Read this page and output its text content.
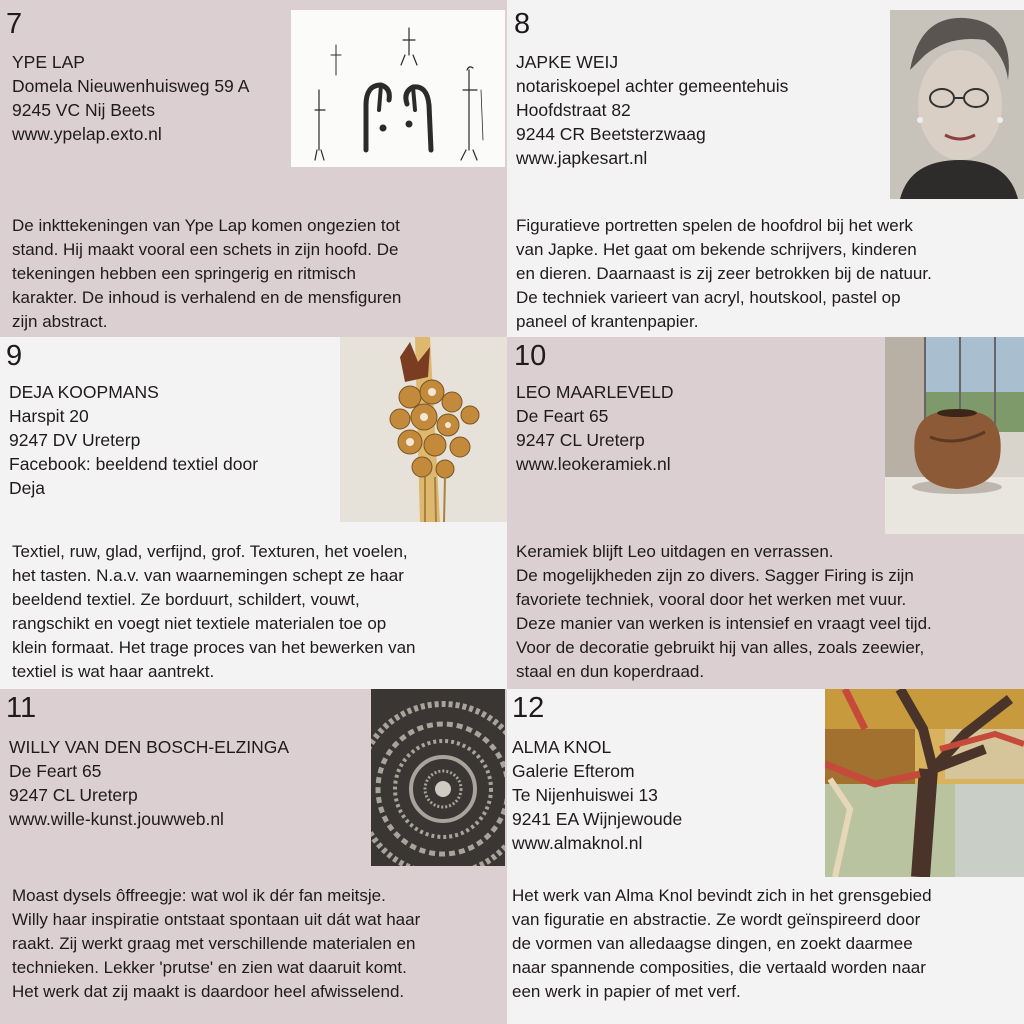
7
YPE LAP
Domela Nieuwenhuisweg 59 A
9245 VC Nij Beets
www.ypelap.exto.nl
De inkttekeningen van Ype Lap komen ongezien tot
stand. Hij maakt vooral een schets in zijn hoofd. De
tekeningen hebben een springerig en ritmisch
karakter. De inhoud is verhalend en de mensfiguren
zijn abstract.
8
JAPKE WEIJ
notariskoepel achter gemeentehuis
Hoofdstraat 82
9244 CR Beetsterzwaag
www.japkesart.nl
Figuratieve portretten spelen de hoofdrol bij het werk
van Japke. Het gaat om bekende schrijvers, kinderen
en dieren. Daarnaast is zij zeer betrokken bij de natuur.
De techniek varieert van acryl, houtskool, pastel op
paneel of krantenpapier.
9
DEJA KOOPMANS
Harspit 20
9247 DV Ureterp
Facebook: beeldend textiel door
Deja
Textiel, ruw, glad, verfijnd, grof. Texturen, het voelen,
het tasten. N.a.v. van waarnemingen schept ze haar
beeldend textiel. Ze borduurt, schildert, vouwt,
rangschikt en voegt niet textiele materialen toe op
klein formaat. Het trage proces van het bewerken van
textiel is wat haar aantrekt.
10
LEO MAARLEVELD
De Feart 65
9247 CL Ureterp
www.leokeramiek.nl
Keramiek blijft Leo uitdagen en verrassen.
De mogelijkheden zijn zo divers. Sagger Firing is zijn
favoriete techniek, vooral door het werken met vuur.
Deze manier van werken is intensief en vraagt veel tijd.
Voor de decoratie gebruikt hij van alles, zoals zeewier,
staal en dun koperdraad.
11
WILLY VAN DEN BOSCH-ELZINGA
De Feart 65
9247 CL Ureterp
www.wille-kunst.jouwweb.nl
Moast dysels ôffreegje: wat wol ik dér fan meitsje.
Willy haar inspiratie ontstaat spontaan uit dát wat haar
raakt. Zij werkt graag met verschillende materialen en
technieken. Lekker 'prutse' en zien wat daaruit komt.
Het werk dat zij maakt is daardoor heel afwisselend.
12
ALMA KNOL
Galerie Efterom
Te Nijenhuiswei 13
9241 EA Wijnjewoude
www.almaknol.nl
Het werk van Alma Knol bevindt zich in het grensgebied
van figuratie en abstractie. Ze wordt geïnspireerd door
de vormen van alledaagse dingen, en zoekt daarmee
naar spannende composities, die vertaald worden naar
een werk in papier of met verf.
